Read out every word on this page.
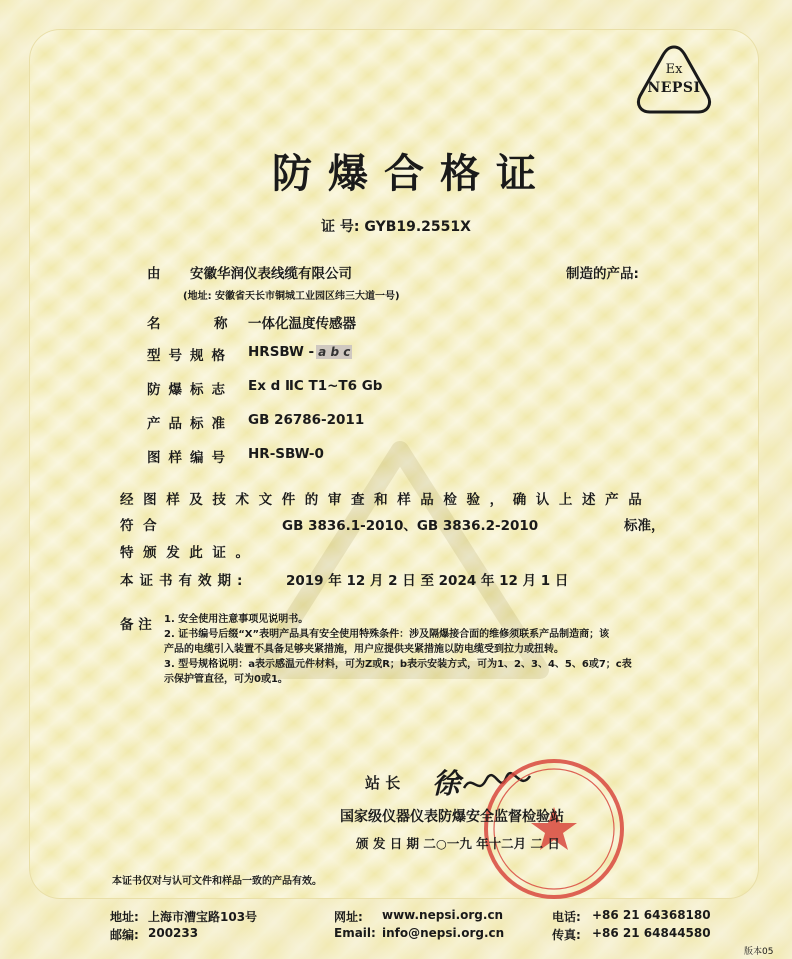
Ex
NEPSI
防爆合格证
证 号: GYB19.2551X
由 安徽华润仪表线缆有限公司	制造的产品:
(地址: 安徽省天长市铜城工业园区纬三大道一号)
名	称 一体化温度传感器
型号规格 HRSBW - a b c
防爆标志 Ex d ⅡC T1~T6 Gb
产品标准 GB 26786-2011
图样编号 HR-SBW-0
经图样及技术文件的审查和样品检验，确认上述产品
符合	GB 3836.1-2010、GB 3836.2-2010	标准，
特颁发此证。
本证书有效期:	2019 年 12 月 2 日 至 2024 年 12 月 1 日
备 注 1. 安全使用注意事项见说明书。
2. 证书编号后缀“X”表明产品具有安全使用特殊条件：涉及隔爆接合面的维修须联系产品制造商；该
产品的电缆引入装置不具备足够夹紧措施，用户应提供夹紧措施以防电缆受到拉力或扭转。
3. 型号规格说明：a表示感温元件材料，可为Z或R；b表示安装方式，可为1、2、3、4、5、6或7；c表
示保护管直径，可为0或1。
站 长 徐
国家级仪器仪表防爆安全监督检验站
颁 发 日 期 二○一九 年十二月 二 日
本证书仅对与认可文件和样品一致的产品有效。
地址: 上海市漕宝路103号
邮编: 200233
网址: www.nepsi.org.cn
Email: info@nepsi.org.cn
电话: +86 21 64368180
传真: +86 21 64844580
版本05
